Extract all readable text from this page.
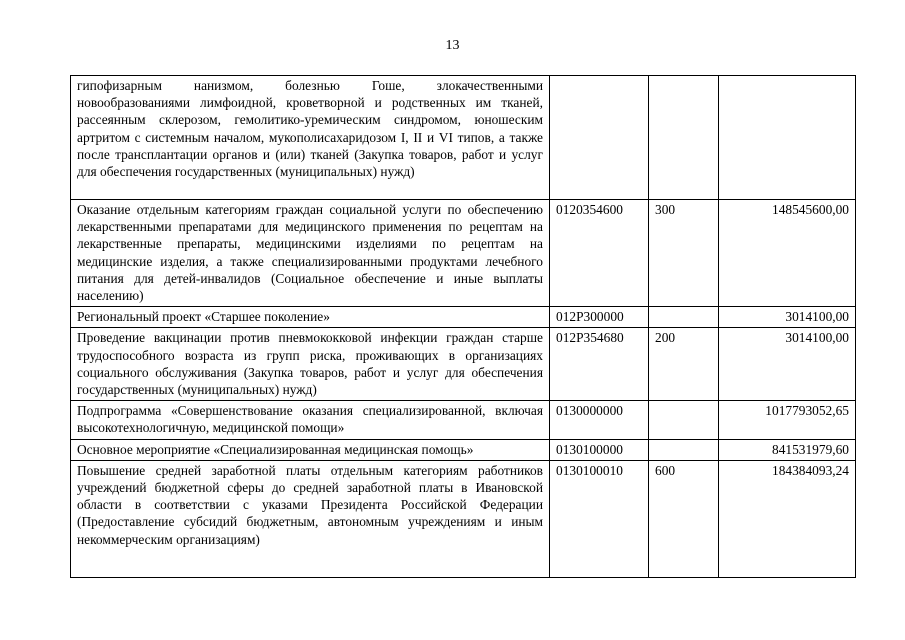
13
гипофизарным нанизмом, болезнью Гоше, злокачественными новообразованиями лимфоидной, кроветворной и родственных им тканей, рассеянным склерозом, гемолитико-уремическим синдромом, юношеским артритом с системным началом, мукополисахаридозом I, II и VI типов, а также после трансплантации органов и (или) тканей (Закупка товаров, работ и услуг для обеспечения государственных (муниципальных) нужд)			
Оказание отдельным категориям граждан социальной услуги по обеспечению лекарственными препаратами для медицинского применения по рецептам на лекарственные препараты, медицинскими изделиями по рецептам на медицинские изделия, а также специализированными продуктами лечебного питания для детей-инвалидов (Социальное обеспечение и иные выплаты населению)	0120354600	300	148545600,00
Региональный проект «Старшее поколение»	012P300000		3014100,00
Проведение вакцинации против пневмококковой инфекции граждан старше трудоспособного возраста из групп риска, проживающих в организациях социального обслуживания (Закупка товаров, работ и услуг для обеспечения государственных (муниципальных) нужд)	012P354680	200	3014100,00
Подпрограмма «Совершенствование оказания специализированной, включая высокотехнологичную, медицинской помощи»	0130000000		1017793052,65
Основное мероприятие «Специализированная медицинская помощь»	0130100000		841531979,60
Повышение средней заработной платы отдельным категориям работников учреждений бюджетной сферы до средней заработной платы в Ивановской области в соответствии с указами Президента Российской Федерации (Предоставление субсидий бюджетным, автономным учреждениям и иным некоммерческим организациям)	0130100010	600	184384093,24
